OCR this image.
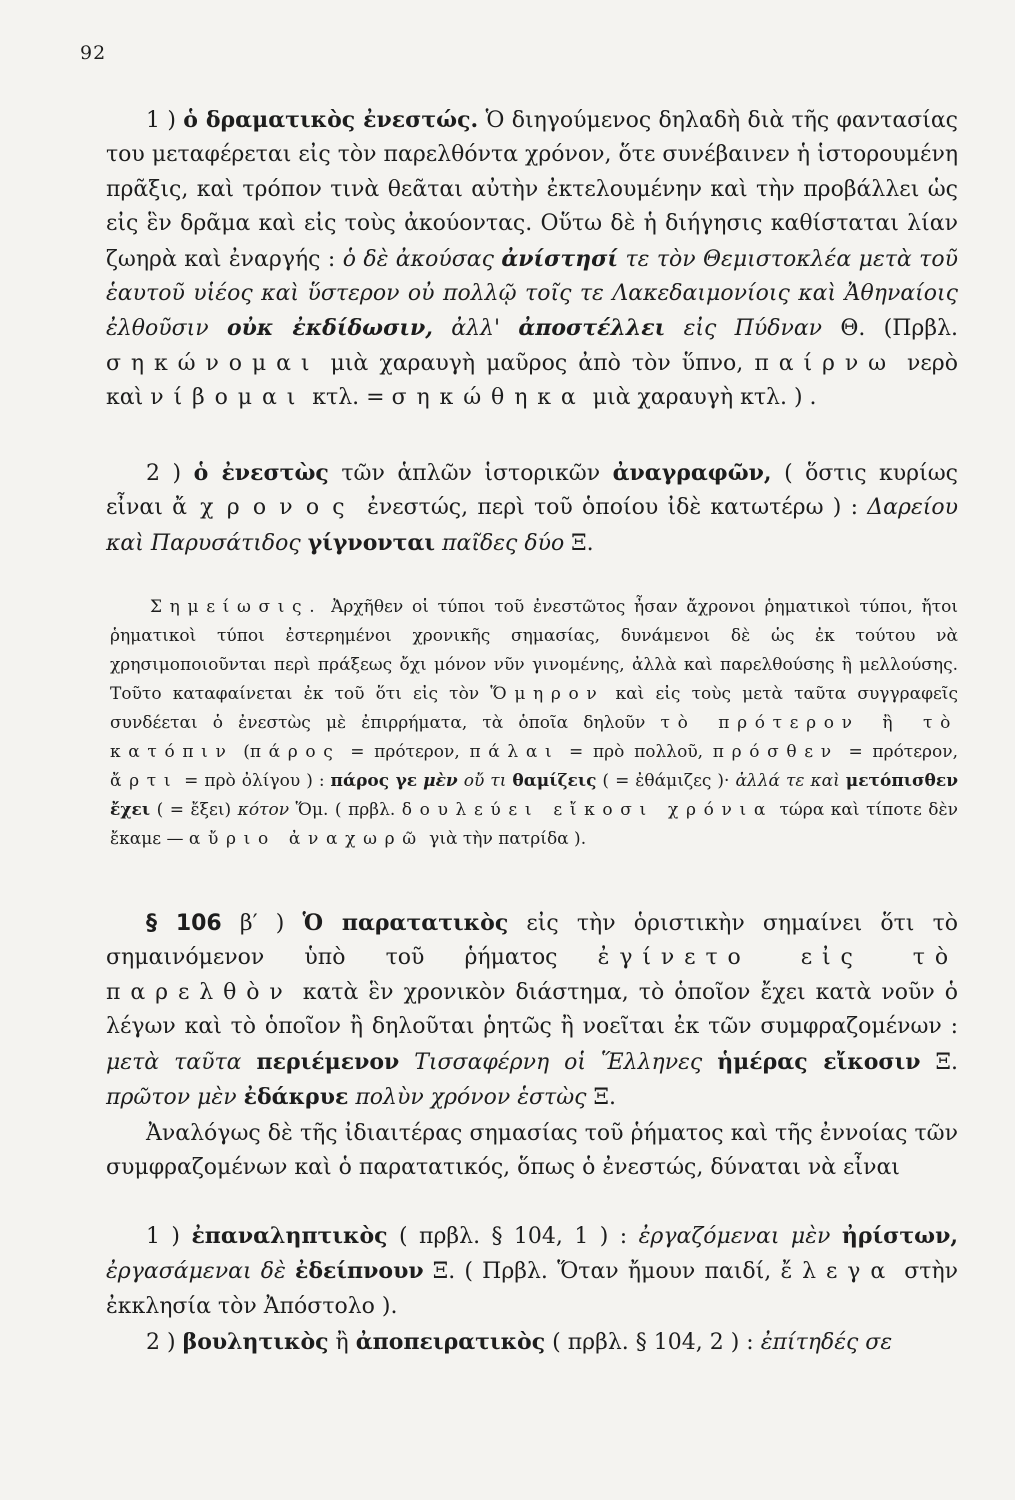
92

1 ) ὁ δραματικὸς ἐνεστώς. Ὁ διηγούμενος δηλαδὴ διὰ τῆς φαντασίας του μεταφέρεται εἰς τὸν παρελθόντα χρόνον, ὅτε συνέβαινεν ἡ ἱστορουμένη πρᾶξις, καὶ τρόπον τινὰ θεᾶται αὐτὴν ἐκτελουμένην καὶ τὴν προβάλλει ὡς εἰς ἓν δρᾶμα καὶ εἰς τοὺς ἀκούοντας. Οὕτω δὲ ἡ διήγησις καθίσταται λίαν ζωηρὰ καὶ ἐναργής : ὁ δὲ ἀκούσας ἀνίστησί τε τὸν Θεμιστοκλέα μετὰ τοῦ ἑαυτοῦ υἱέος καὶ ὕστερον οὐ πολλῷ τοῖς τε Λακεδαιμονίοις καὶ Ἀθηναίοις ἐλθοῦσιν οὐκ ἐκδίδωσιν, ἀλλ' ἀποστέλλει εἰς Πύδναν Θ. (Πρβλ. σηκώνομαι μιὰ χαραυγὴ μαῦρος ἀπὸ τὸν ὕπνο, παίρνω νερὸ καὶ νίβομαι κτλ. = σηκώθηκα μιὰ χαραυγὴ κτλ. ) .

2 ) ὁ ἐνεστὼς τῶν ἁπλῶν ἱστορικῶν ἀναγραφῶν, ( ὅστις κυρίως εἶναι ἄχρονος ἐνεστώς, περὶ τοῦ ὁποίου ἰδὲ κατωτέρω ) : Δαρείου καὶ Παρυσάτιδος γίγνονται παῖδες δύο Ξ.

Σημείωσις. Ἀρχῆθεν οἱ τύποι τοῦ ἐνεστῶτος ἦσαν ἄχρονοι ῥηματικοὶ τύποι, ἤτοι ῥηματικοὶ τύποι ἐστερημένοι χρονικῆς σημασίας, δυνάμενοι δὲ ὡς ἐκ τούτου νὰ χρησιμοποιοῦνται περὶ πράξεως ὄχι μόνον νῦν γινομένης, ἀλλὰ καὶ παρελθούσης ἢ μελλούσης. Τοῦτο καταφαίνεται ἐκ τοῦ ὅτι εἰς τὸν Ὅμηρον καὶ εἰς τοὺς μετὰ ταῦτα συγγραφεῖς συνδέεται ὁ ἐνεστὼς μὲ ἐπιρρήματα, τὰ ὁποῖα δηλοῦν τὸ πρότερον ἢ τὸ κατόπιν (πάρος = πρότερον, πάλαι = πρὸ πολλοῦ, πρόσθεν = πρότερον, ἄρτι = πρὸ ὀλίγου ) : πάρος γε μὲν οὔ τι θαμίζεις ( = ἐθάμιζες )· ἀλλά τε καὶ μετόπισθεν ἔχει ( = ἔξει) κότον Ὅμ. ( πρβλ. δουλεύει εἴκοσι χρόνια τώρα καὶ τίποτε δὲν ἔκαμε — αὔριο ἀναχωρῶ γιὰ τὴν πατρίδα ).

§ 106 β′ ) Ὁ παρατατικὸς εἰς τὴν ὁριστικὴν σημαίνει ὅτι τὸ σημαινόμενον ὑπὸ τοῦ ῥήματος ἐγίνετο εἰς τὸ παρελθὸν κατὰ ἓν χρονικὸν διάστημα, τὸ ὁποῖον ἔχει κατὰ νοῦν ὁ λέγων καὶ τὸ ὁποῖον ἢ δηλοῦται ῥητῶς ἢ νοεῖται ἐκ τῶν συμφραζομένων : μετὰ ταῦτα περιέμενον Τισσαφέρνη οἱ Ἕλληνες ἡμέρας εἴκοσιν Ξ. πρῶτον μὲν ἐδάκρυε πολὺν χρόνον ἑστὼς Ξ.

Ἀναλόγως δὲ τῆς ἰδιαιτέρας σημασίας τοῦ ῥήματος καὶ τῆς ἐννοίας τῶν συμφραζομένων καὶ ὁ παρατατικός, ὅπως ὁ ἐνεστώς, δύναται νὰ εἶναι

1 ) ἐπαναληπτικὸς ( πρβλ. § 104, 1 ) : ἐργαζόμεναι μὲν ἠρίστων, ἐργασάμεναι δὲ ἐδείπνουν Ξ. ( Πρβλ. Ὅταν ἤμουν παιδί, ἔλεγα στὴν ἐκκλησία τὸν Ἀπόστολο ).

2 ) βουλητικὸς ἢ ἀποπειρατικὸς ( πρβλ. § 104, 2 ) : ἐπίτηδές σε
